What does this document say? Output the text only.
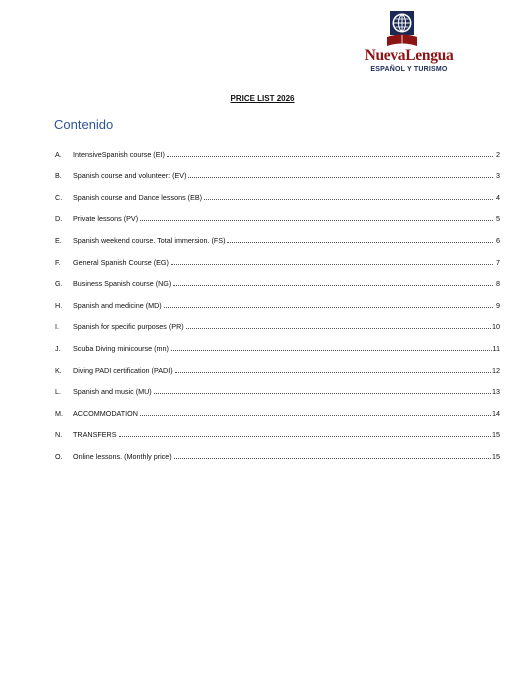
NuevaLengua
ESPAÑOL Y TURISMO
PRICE LIST 2026
Contenido
A.	IntensiveSpanish course (EI)	2
B.	Spanish course and volunteer: (EV)	3
C.	Spanish course and Dance lessons (EB)	4
D.	Private lessons (PV)	5
E.	Spanish weekend course. Total immersion. (FS)	6
F.	General Spanish Course (EG)	7
G.	Business Spanish course (NG)	8
H.	Spanish and medicine (MD)	9
I.	Spanish for specific purposes (PR)	10
J.	Scuba Diving minicourse (mn)	11
K.	Diving PADI certification (PADI)	12
L.	Spanish and music (MU)	13
M.	ACCOMMODATION	14
N.	TRANSFERS	15
O.	Online lessons. (Monthly price)	15
